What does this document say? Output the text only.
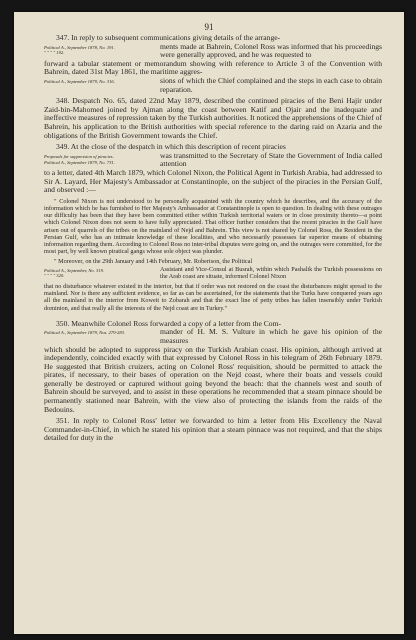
91

347. In reply to subsequent communications giving details of the arrange-

Political A., September 1878, No. 191.
" " " " 192.
ments made at Bahrein, Colonel Ross was informed that his proceedings were generally approved, and he was requested to

forward a tabular statement or memorandum showing with reference to Article 3 of the Convention with Bahrein, dated 31st May 1861, the maritime aggres-

Political A., September 1879, No. 316.	sions of which the Chief complained and the steps in each case to obtain reparation.

348. Despatch No. 65, dated 22nd May 1879, described the continued piracies of the Beni Hajir under Zaid-bin-Mahomed joined by Ajman along the coast between Katif and Ojair and the inadequate and ineffective measures of repression taken by the Turkish authorities. It noticed the apprehensions of the Chief of Bahrein, his application to the British authorities with special reference to the daring raid on Azaria and the obligations of the British Government towards the Chief.

349. At the close of the despatch in which this description of recent piracies

Proposals for suppression of piracies.
Political A., September 1879, No. 731.
was transmitted to the Secretary of State the Government of India called attention

to a letter, dated 4th March 1879, which Colonel Nixon, the Political Agent in Turkish Arabia, had addressed to Sir A. Layard, Her Majesty's Ambassador at Constantinople, on the subject of the piracies in the Persian Gulf, and observed :—

" Colonel Nixon is not understood to be personally acquainted with the country which he describes, and the accuracy of the information which he has furnished to Her Majesty's Ambassador at Constantinople is open to question. In dealing with these outrages our difficulty has been that they have been committed either within Turkish territorial waters or in close proximity thereto—a point which Colonel Nixon does not seem to have fully appreciated. That officer further considers that the recent piracies in the Gulf have arisen out of quarrels of the tribes on the mainland of Nejd and Bahrein. This view is not shared by Colonel Ross, the Resident in the Persian Gulf, who has an intimate knowledge of these localities, and who necessarily possesses far superior means of obtaining information regarding them. According to Colonel Ross no inter-tribal disputes were going on, and the outrages were committed, for the most part, by well known piratical gangs whose sole object was plunder.

" Moreover, on the 29th January and 14th February, Mr. Robertson, the Political

Political A., September, No. 319.
" " " " 320.
Assistant and Vice-Consul at Busrah, within which Pashalik the Turkish possessions on the Arab coast are situate, informed Colonel Nixon

that no disturbance whatever existed in the interior, but that if order was not restored on the coast the disturbances might spread to the mainland. Nor is there any sufficient evidence, so far as can be ascertained, for the statements that the Turks have conquered years ago all the mainland in the interior from Koweit to Zobarah and that the exact line of petty tribes has fallen insensibly under Turkish dominion, and that really all the interests of the Nejd coast are in Turkey."

350. Meanwhile Colonel Ross forwarded a copy of a letter from the Com-

Political A., September 1879, Nos. 279-283.	mander of H. M. S. Vulture in which he gave his opinion of the measures

which should be adopted to suppress piracy on the Turkish Arabian coast. His opinion, although arrived at independently, coincided exactly with that expressed by Colonel Ross in his telegram of 26th February 1879. He suggested that British cruizers, acting on Colonel Ross' requisition, should be permitted to attack the pirates, if necessary, to their bases of operation on the Nejd coast, where their boats and vessels could generally be destroyed or captured without going beyond the beach: that the channels west and south of Bahrein should be surveyed, and to assist in these operations he recommended that a steam pinnace should be permanently stationed near Bahrein, with the view also of protecting the islands from the raids of the Bedouins.

351. In reply to Colonel Ross' letter we forwarded to him a letter from His Excellency the Naval Commander-in-Chief, in which he stated his opinion that a steam pinnace was not required, and that the ships detailed for duty in the
